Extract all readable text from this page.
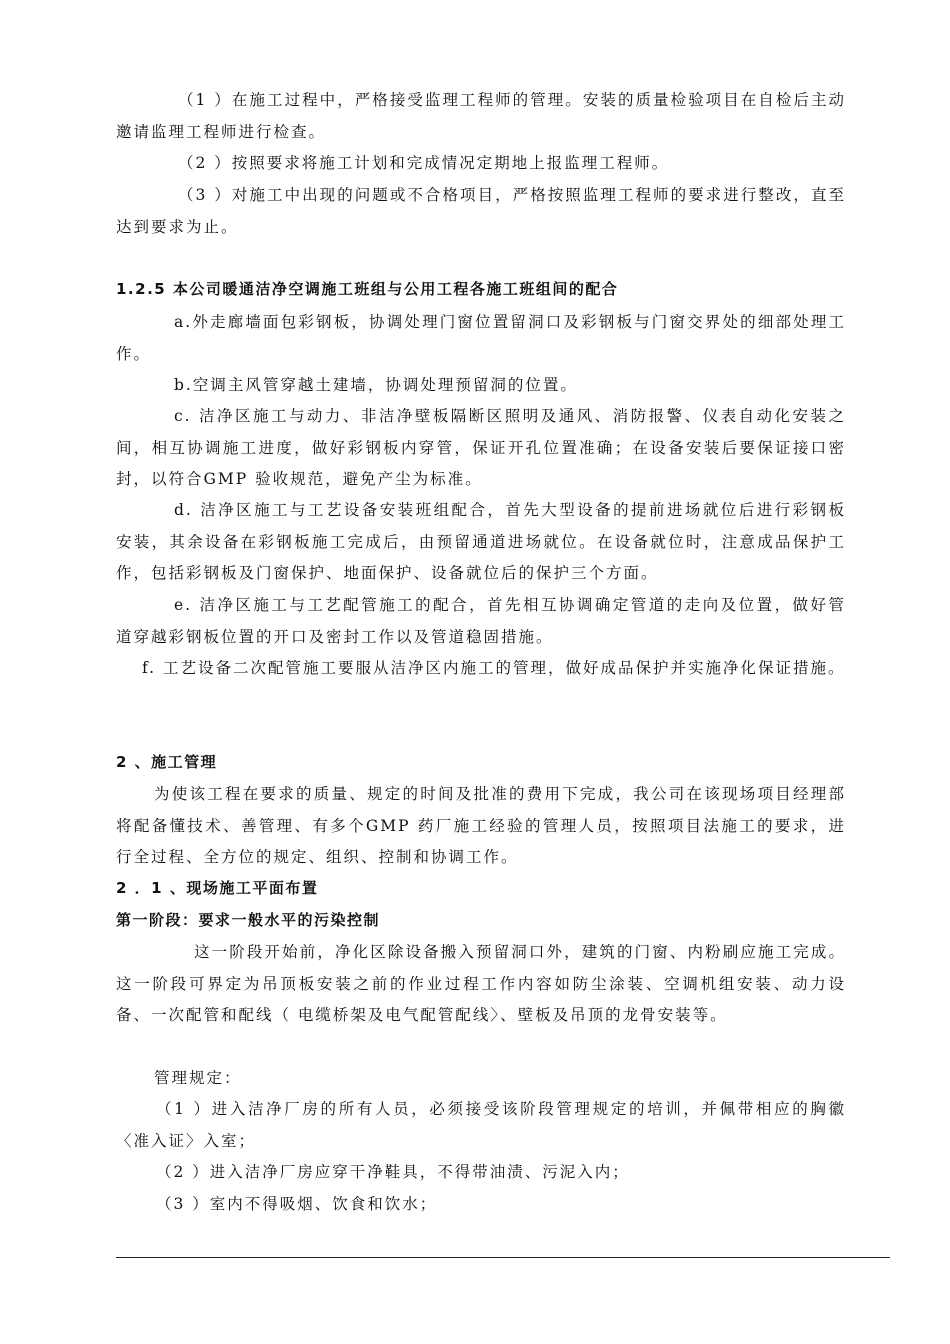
（1 ）在施工过程中，严格接受监理工程师的管理。安装的质量检验项目在自检后主动邀请监理工程师进行检查。

（2 ）按照要求将施工计划和完成情况定期地上报监理工程师。

（3 ）对施工中出现的问题或不合格项目，严格按照监理工程师的要求进行整改，直至达到要求为止。

1.2.5 本公司暖通洁净空调施工班组与公用工程各施工班组间的配合

a.外走廊墙面包彩钢板，协调处理门窗位置留洞口及彩钢板与门窗交界处的细部处理工作。

b.空调主风管穿越土建墙，协调处理预留洞的位置。

c. 洁净区施工与动力、非洁净壁板隔断区照明及通风、消防报警、仪表自动化安装之间，相互协调施工进度，做好彩钢板内穿管，保证开孔位置准确；在设备安装后要保证接口密封，以符合GMP 验收规范，避免产尘为标准。

d. 洁净区施工与工艺设备安装班组配合，首先大型设备的提前进场就位后进行彩钢板安装，其余设备在彩钢板施工完成后，由预留通道进场就位。在设备就位时，注意成品保护工作，包括彩钢板及门窗保护、地面保护、设备就位后的保护三个方面。

e. 洁净区施工与工艺配管施工的配合，首先相互协调确定管道的走向及位置，做好管道穿越彩钢板位置的开口及密封工作以及管道稳固措施。

f. 工艺设备二次配管施工要服从洁净区内施工的管理，做好成品保护并实施净化保证措施。

2 、施工管理

为使该工程在要求的质量、规定的时间及批准的费用下完成，我公司在该现场项目经理部将配备懂技术、善管理、有多个GMP 药厂施工经验的管理人员，按照项目法施工的要求，进行全过程、全方位的规定、组织、控制和协调工作。

2 ．1 、现场施工平面布置
第一阶段：要求一般水平的污染控制

这一阶段开始前，净化区除设备搬入预留洞口外，建筑的门窗、内粉刷应施工完成。这一阶段可界定为吊顶板安装之前的作业过程工作内容如防尘涂装、空调机组安装、动力设备、一次配管和配线（ 电缆桥架及电气配管配线〉、壁板及吊顶的龙骨安装等。

管理规定：

（1 ）进入洁净厂房的所有人员，必须接受该阶段管理规定的培训，并佩带相应的胸徽〈准入证〉入室；

（2 ）进入洁净厂房应穿干净鞋具，不得带油渍、污泥入内；

（3 ）室内不得吸烟、饮食和饮水；
